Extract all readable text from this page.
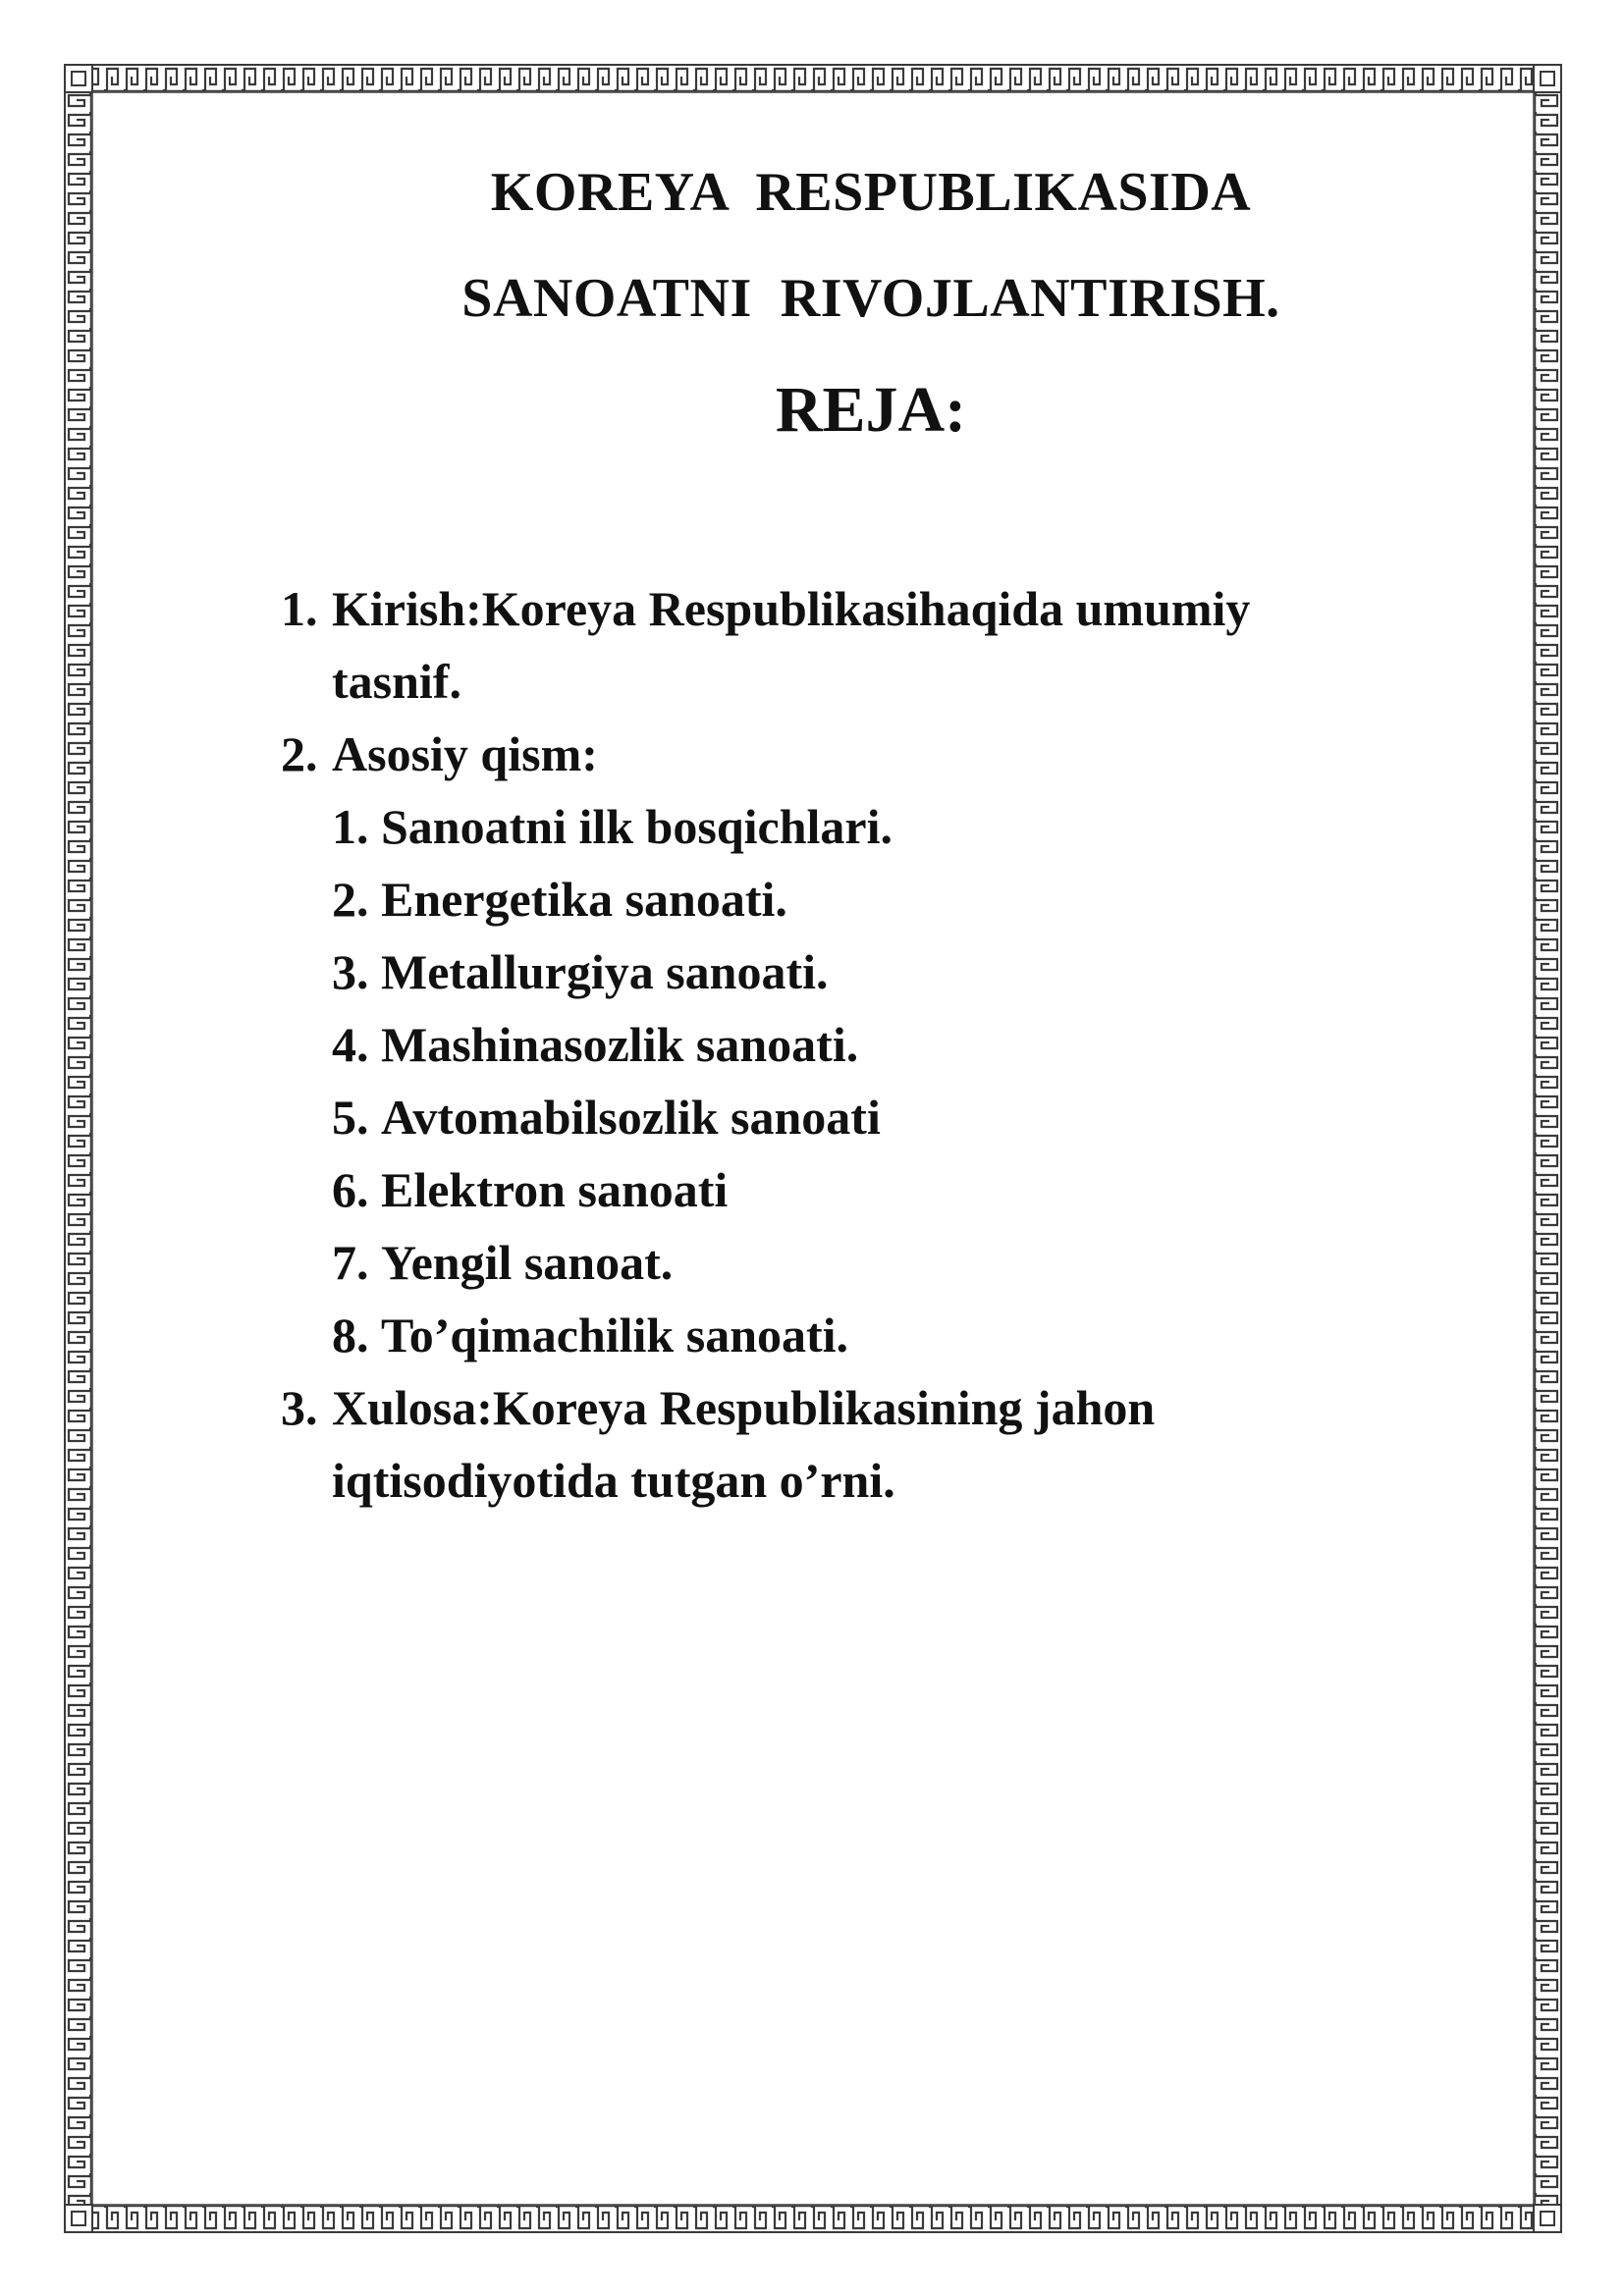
KOREYA  RESPUBLIKASIDA
SANOATNI  RIVOJLANTIRISH.
REJA:
1. Kirish:Koreya Respublikasihaqida umumiy
tasnif.
2. Asosiy qism:
1. Sanoatni ilk bosqichlari.
2. Energetika sanoati.
3. Metallurgiya sanoati.
4. Mashinasozlik sanoati.
5. Avtomabilsozlik sanoati
6. Elektron sanoati
7. Yengil sanoat.
8. To’qimachilik sanoati.
3. Xulosa:Koreya Respublikasining jahon
iqtisodiyotida tutgan o’rni.
